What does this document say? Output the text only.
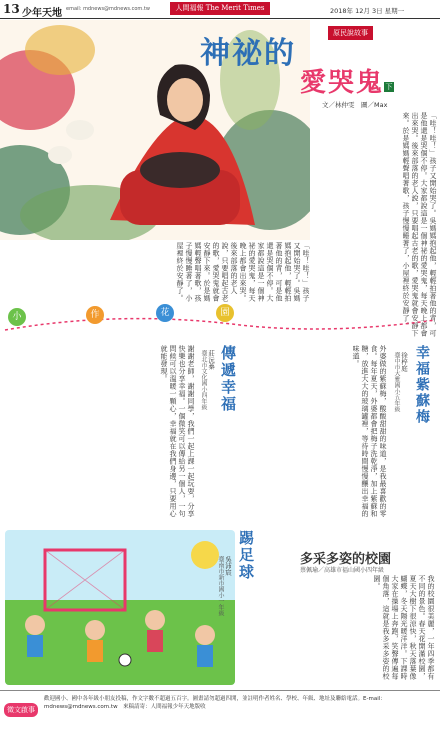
13 少年天地 email: mdnews@mdnews.com.tw	人間福報 The Merit Times	2018年 12月 3日 星期一
原民說故事
神祕的
愛哭鬼 下
文／林仲雯　圖／Max
「哇！哇！」孩子又開始哭了。吳媽媽抱起他，輕輕拍著他的背，可是他還是哭個不停。大家都說這是一個神祕的愛哭鬼，每天晚上都會出來哭。後來部落的老人說，只要唱起古老的歌，愛哭鬼就會安靜下來。於是媽媽輕聲唱著歌，孩子慢慢睡著了，小屋裡終於安靜了。
「哇！哇！」孩子又開始哭了。吳媽媽抱起他，輕輕拍著他的背，可是他還是哭個不停。大家都說這是一個神祕的愛哭鬼，每天晚上都會出來哭。後來部落的老人說，只要唱起古老的歌，愛哭鬼就會安靜下來。於是媽媽輕聲唱著歌，孩子慢慢睡著了，小屋裡終於安靜了。
小	作	花	園
傳遞幸福
莊沅蓁
臺北市文化國小四年級
謝謝老師，謝謝同學，我們一起上課一起玩耍，分享快樂也分享幸福。一個微笑可以傳給另一個人，一句問候可以溫暖一顆心，幸福就在我們身邊，只要用心就能發現。	幸福紫蘇梅
徐梓庭
臺中市大雅國小五年級
外婆做的紫蘇梅，酸酸甜甜的味道，是我最喜歡的零食。每年夏天，外婆都會把梅子洗乾淨，加上紫蘇和糖，放進大大的玻璃罐裡，等待時間慢慢釀出幸福的味道。
踢足球
吳沛宸
臺南市新市國小一年級	多采多姿的校園
蔡佩瑜／高雄市福山國小四年級
我的校園很美麗，一年四季都有不同的景色。春天花開滿校園，夏天大樹下很涼快，秋天落葉像蝴蝶，冬天陽光暖洋洋。下課時大家在操場上奔跑，笑聲傳遍每個角落，這就是我多采多姿的校園。
徵文啟事
歡迎國小、國中各年級小朋友投稿，作文字數不超過五百字。圖畫請勿超過四開，並註明作者姓名、學校、年級、地址及聯絡電話。E-mail：mdnews@mdnews.com.tw　來稿請寄：人間福報少年天地版收
